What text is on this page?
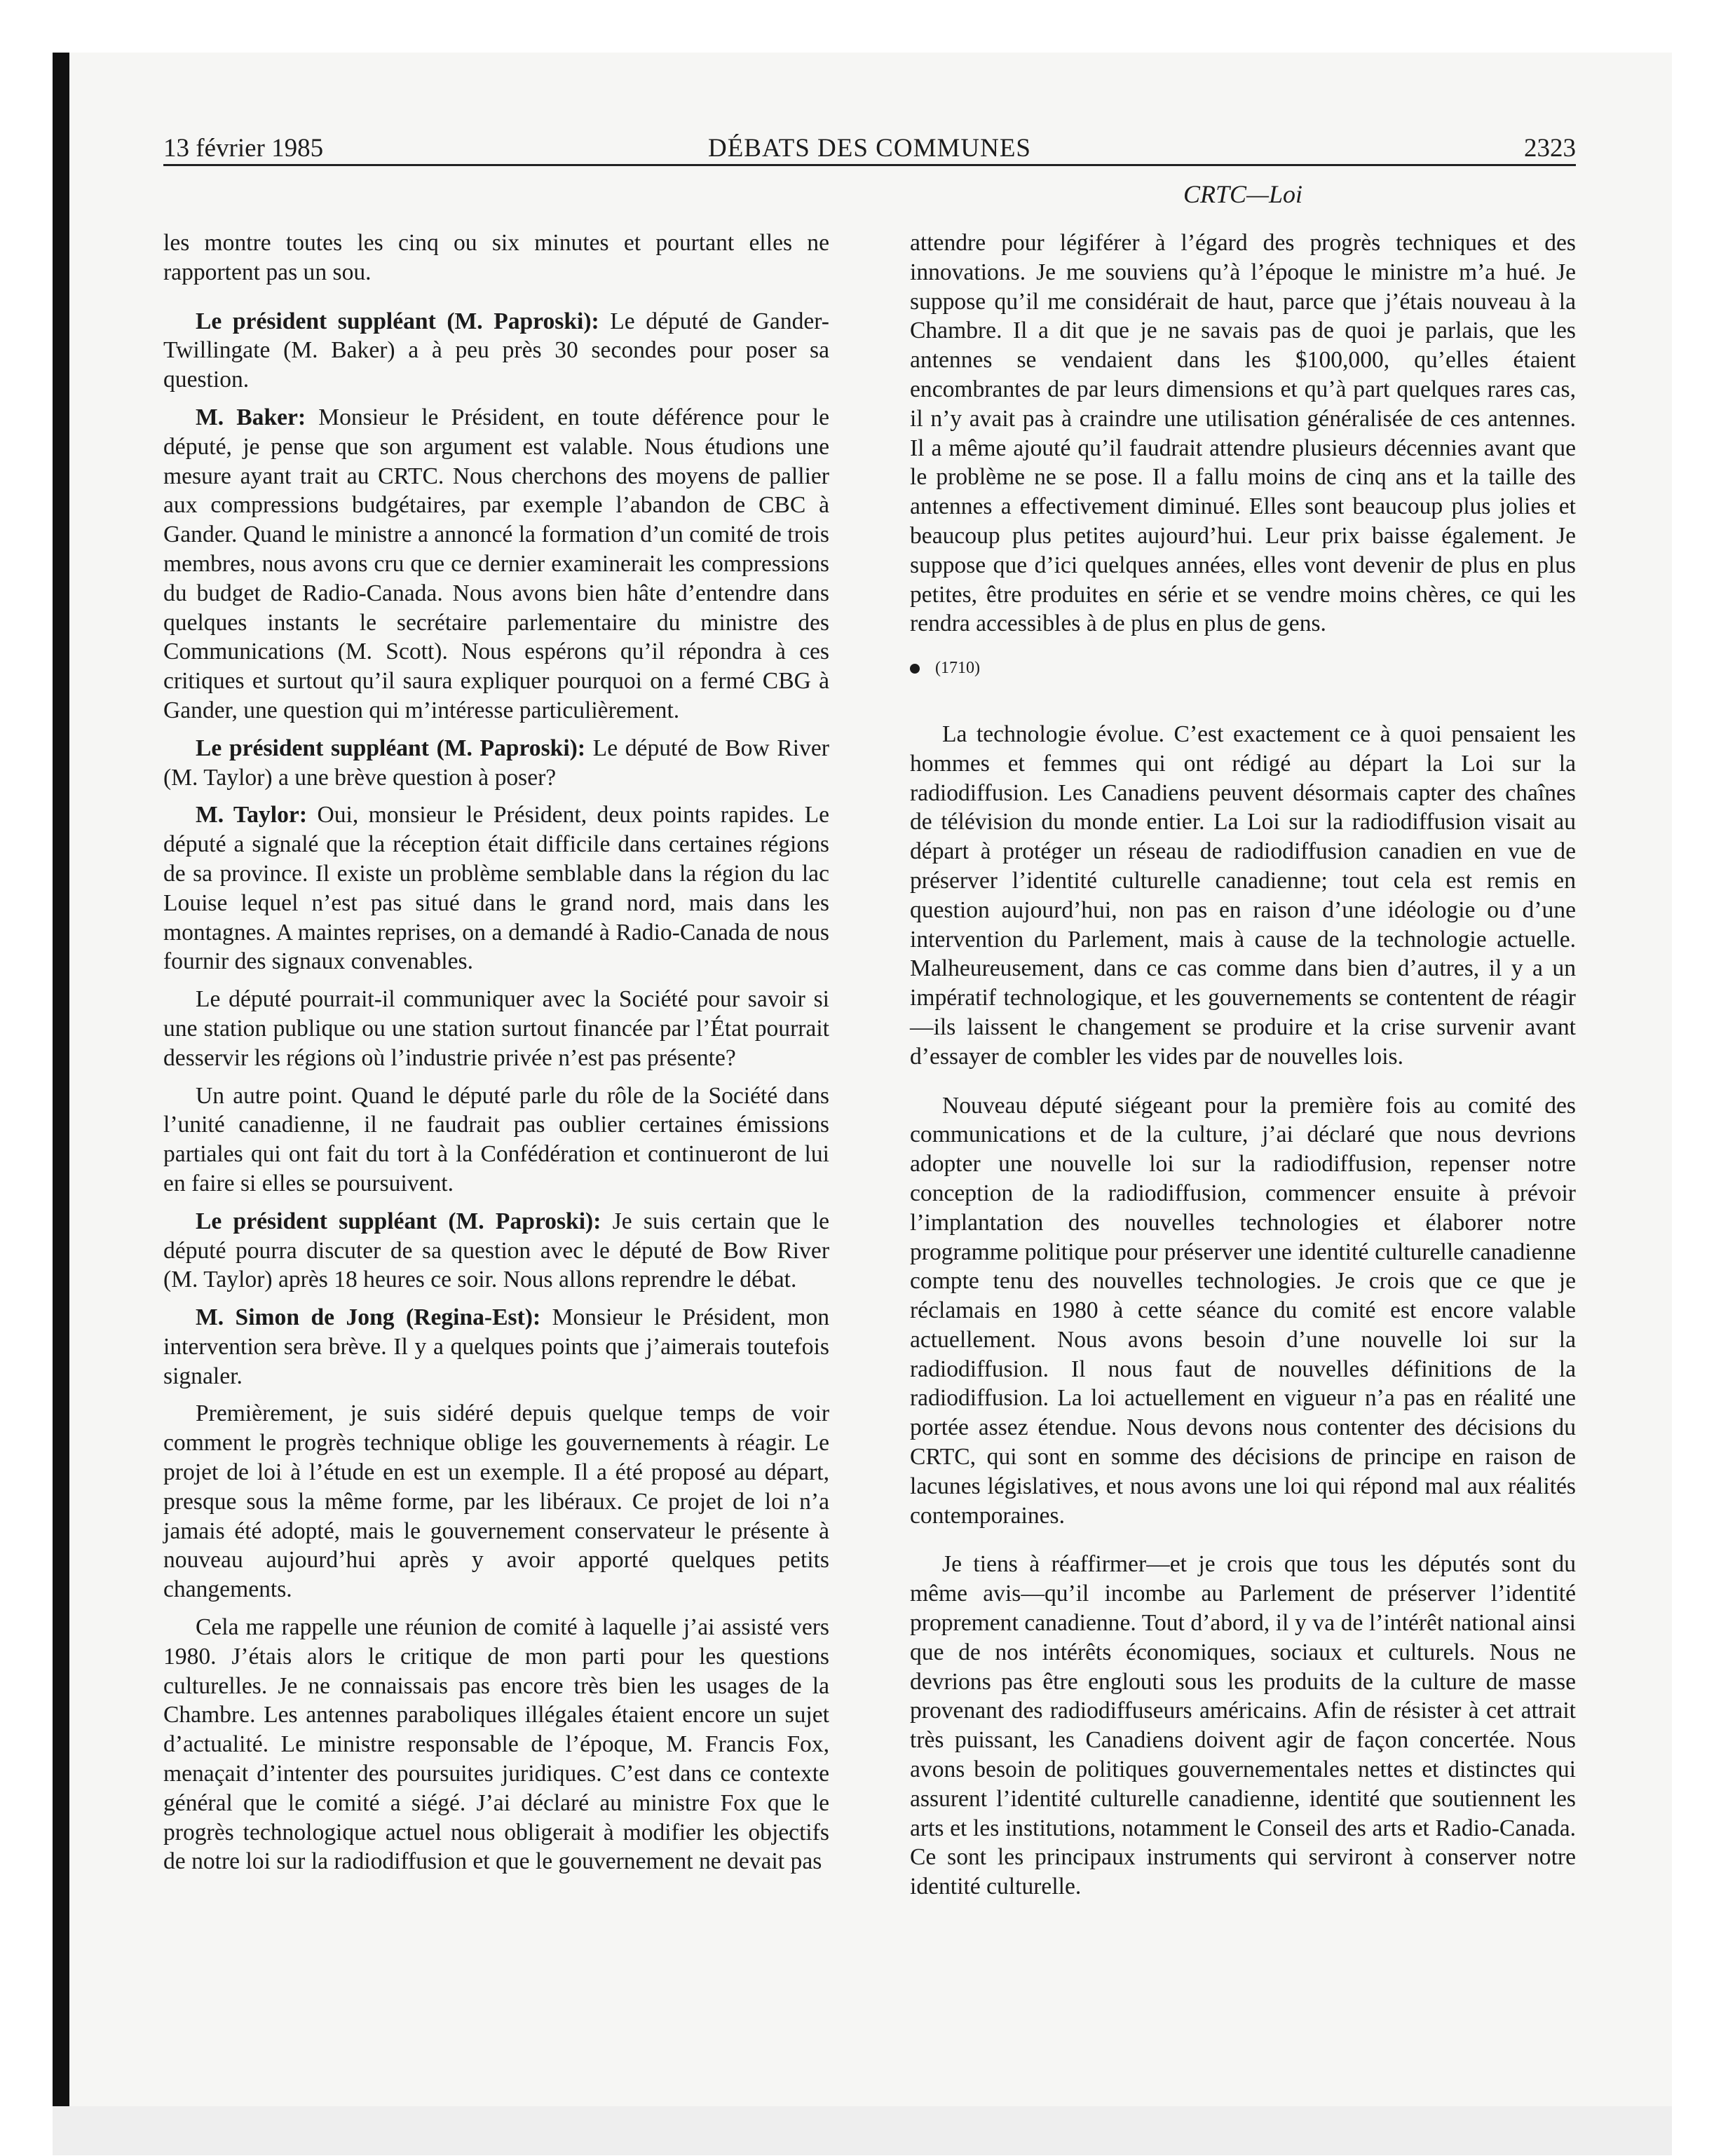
13 février 1985	DÉBATS DES COMMUNES	2323
CRTC—Loi

les montre toutes les cinq ou six minutes et pourtant elles ne rapportent pas un sou.

Le président suppléant (M. Paproski): Le député de Gander-Twillingate (M. Baker) a à peu près 30 secondes pour poser sa question.

M. Baker: Monsieur le Président, en toute déférence pour le député, je pense que son argument est valable. Nous étudions une mesure ayant trait au CRTC. Nous cherchons des moyens de pallier aux compressions budgétaires, par exemple l’abandon de CBC à Gander. Quand le ministre a annoncé la formation d’un comité de trois membres, nous avons cru que ce dernier examinerait les compressions du budget de Radio-Canada. Nous avons bien hâte d’entendre dans quelques instants le secrétaire parlementaire du ministre des Communications (M. Scott). Nous espérons qu’il répondra à ces critiques et surtout qu’il saura expliquer pourquoi on a fermé CBG à Gander, une question qui m’intéresse particulièrement.

Le président suppléant (M. Paproski): Le député de Bow River (M. Taylor) a une brève question à poser?

M. Taylor: Oui, monsieur le Président, deux points rapides. Le député a signalé que la réception était difficile dans certaines régions de sa province. Il existe un problème semblable dans la région du lac Louise lequel n’est pas situé dans le grand nord, mais dans les montagnes. A maintes reprises, on a demandé à Radio-Canada de nous fournir des signaux convenables.

Le député pourrait-il communiquer avec la Société pour savoir si une station publique ou une station surtout financée par l’État pourrait desservir les régions où l’industrie privée n’est pas présente?

Un autre point. Quand le député parle du rôle de la Société dans l’unité canadienne, il ne faudrait pas oublier certaines émissions partiales qui ont fait du tort à la Confédération et continueront de lui en faire si elles se poursuivent.

Le président suppléant (M. Paproski): Je suis certain que le député pourra discuter de sa question avec le député de Bow River (M. Taylor) après 18 heures ce soir. Nous allons reprendre le débat.

M. Simon de Jong (Regina-Est): Monsieur le Président, mon intervention sera brève. Il y a quelques points que j’aimerais toutefois signaler.

Premièrement, je suis sidéré depuis quelque temps de voir comment le progrès technique oblige les gouvernements à réagir. Le projet de loi à l’étude en est un exemple. Il a été proposé au départ, presque sous la même forme, par les libéraux. Ce projet de loi n’a jamais été adopté, mais le gouvernement conservateur le présente à nouveau aujourd’hui après y avoir apporté quelques petits changements.

Cela me rappelle une réunion de comité à laquelle j’ai assisté vers 1980. J’étais alors le critique de mon parti pour les questions culturelles. Je ne connaissais pas encore très bien les usages de la Chambre. Les antennes paraboliques illégales étaient encore un sujet d’actualité. Le ministre responsable de l’époque, M. Francis Fox, menaçait d’intenter des poursuites juridiques. C’est dans ce contexte général que le comité a siégé. J’ai déclaré au ministre Fox que le progrès technologique actuel nous obligerait à modifier les objectifs de notre loi sur la radiodiffusion et que le gouvernement ne devait pas

attendre pour légiférer à l’égard des progrès techniques et des innovations. Je me souviens qu’à l’époque le ministre m’a hué. Je suppose qu’il me considérait de haut, parce que j’étais nouveau à la Chambre. Il a dit que je ne savais pas de quoi je parlais, que les antennes se vendaient dans les $100,000, qu’elles étaient encombrantes de par leurs dimensions et qu’à part quelques rares cas, il n’y avait pas à craindre une utilisation généralisée de ces antennes. Il a même ajouté qu’il faudrait attendre plusieurs décennies avant que le problème ne se pose. Il a fallu moins de cinq ans et la taille des antennes a effectivement diminué. Elles sont beaucoup plus jolies et beaucoup plus petites aujourd’hui. Leur prix baisse également. Je suppose que d’ici quelques années, elles vont devenir de plus en plus petites, être produites en série et se vendre moins chères, ce qui les rendra accessibles à de plus en plus de gens.

(1710)

La technologie évolue. C’est exactement ce à quoi pensaient les hommes et femmes qui ont rédigé au départ la Loi sur la radiodiffusion. Les Canadiens peuvent désormais capter des chaînes de télévision du monde entier. La Loi sur la radiodiffusion visait au départ à protéger un réseau de radiodiffusion canadien en vue de préserver l’identité culturelle canadienne; tout cela est remis en question aujourd’hui, non pas en raison d’une idéologie ou d’une intervention du Parlement, mais à cause de la technologie actuelle. Malheureusement, dans ce cas comme dans bien d’autres, il y a un impératif technologique, et les gouvernements se contentent de réagir—ils laissent le changement se produire et la crise survenir avant d’essayer de combler les vides par de nouvelles lois.

Nouveau député siégeant pour la première fois au comité des communications et de la culture, j’ai déclaré que nous devrions adopter une nouvelle loi sur la radiodiffusion, repenser notre conception de la radiodiffusion, commencer ensuite à prévoir l’implantation des nouvelles technologies et élaborer notre programme politique pour préserver une identité culturelle canadienne compte tenu des nouvelles technologies. Je crois que ce que je réclamais en 1980 à cette séance du comité est encore valable actuellement. Nous avons besoin d’une nouvelle loi sur la radiodiffusion. Il nous faut de nouvelles définitions de la radiodiffusion. La loi actuellement en vigueur n’a pas en réalité une portée assez étendue. Nous devons nous contenter des décisions du CRTC, qui sont en somme des décisions de principe en raison de lacunes législatives, et nous avons une loi qui répond mal aux réalités contemporaines.

Je tiens à réaffirmer—et je crois que tous les députés sont du même avis—qu’il incombe au Parlement de préserver l’identité proprement canadienne. Tout d’abord, il y va de l’intérêt national ainsi que de nos intérêts économiques, sociaux et culturels. Nous ne devrions pas être englouti sous les produits de la culture de masse provenant des radiodiffuseurs américains. Afin de résister à cet attrait très puissant, les Canadiens doivent agir de façon concertée. Nous avons besoin de politiques gouvernementales nettes et distinctes qui assurent l’identité culturelle canadienne, identité que soutiennent les arts et les institutions, notamment le Conseil des arts et Radio-Canada. Ce sont les principaux instruments qui serviront à conserver notre identité culturelle.
